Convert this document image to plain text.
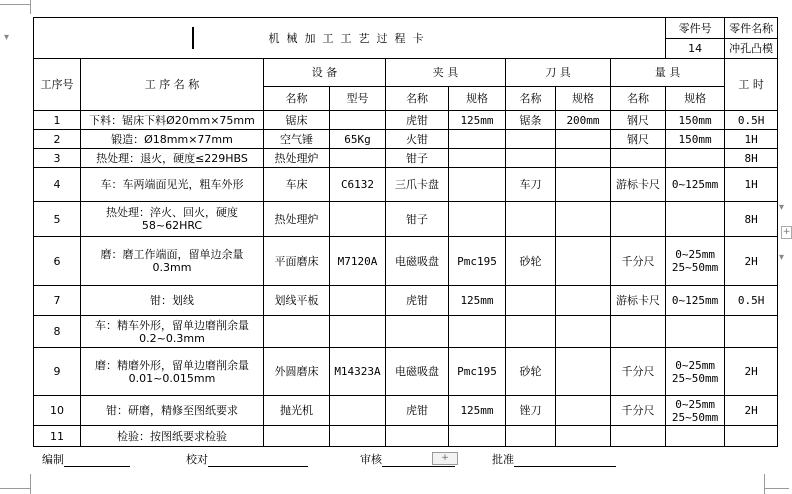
▾
▾
▾
+
机械加工工艺过程卡									零件号	零件名称
									14	冲孔凸模
工序号	工 序 名 称	设 备		夹 具		刀 具		量 具		工 时
		名称	型号	名称	规格	名称	规格	名称	规格	
1	下料：锯床下料Ø20mm×75mm	锯床		虎钳	125mm	锯条	200mm	钢尺	150mm	0.5H
2	锻造：Ø18mm×77mm	空气锤	65Kg	火钳				钢尺	150mm	1H
3	热处理：退火，硬度≤229HBS	热处理炉		钳子						8H
4	车：车两端面见光，粗车外形	车床	C6132	三爪卡盘		车刀		游标卡尺	0~125mm	1H
5	热处理：淬火、回火，硬度58~62HRC	热处理炉		钳子						8H
6	磨：磨工作端面，留单边余量0.3mm	平面磨床	M7120A	电磁吸盘	Pmc195	砂轮		千分尺	0~25mm
25~50mm	2H
7	钳：划线	划线平板		虎钳	125mm			游标卡尺	0~125mm	0.5H
8	车：精车外形，留单边磨削余量0.2~0.3mm									
9	磨：精磨外形，留单边磨削余量0.01~0.015mm	外圆磨床	M14323A	电磁吸盘	Pmc195	砂轮		千分尺	0~25mm
25~50mm	2H
10	钳：研磨，精修至图纸要求	抛光机		虎钳	125mm	锉刀		千分尺	0~25mm
25~50mm	2H
11	检验：按图纸要求检验									
编制	校对	审核	+	批准
